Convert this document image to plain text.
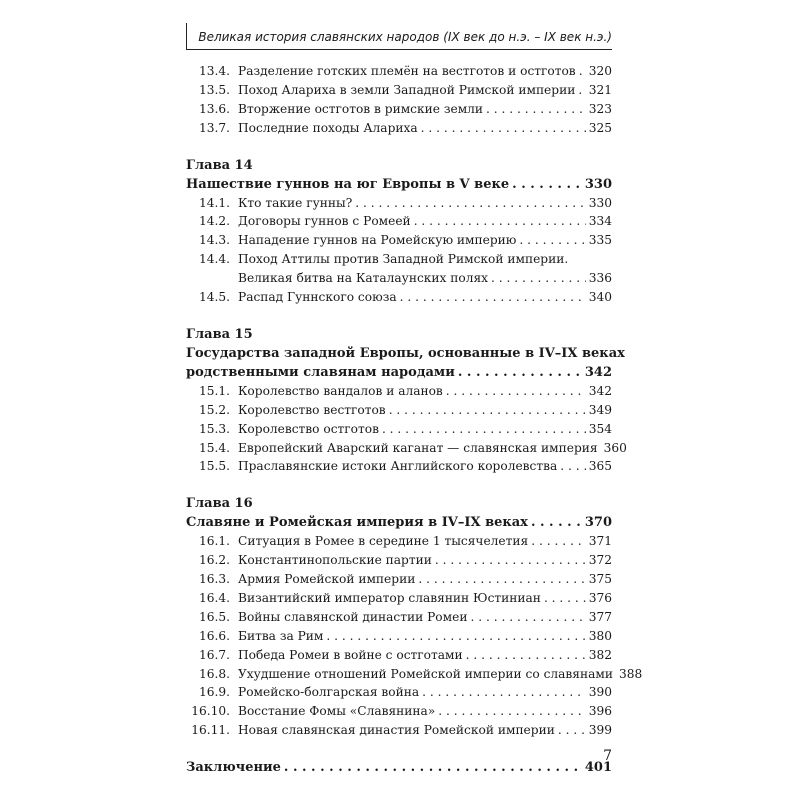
Великая история славянских народов (IX век до н.э. – IX век н.э.)
13.4. Разделение готских племён на вестготов и остготов . . . 320
13.5. Поход Алариха в земли Западной Римской империи . . . 321
13.6. Вторжение остготов в римские земли . . .	323
13.7. Последние походы Алариха . . .	325
Глава 14
Нашествие гуннов на юг Европы в V веке . . .	330
14.1. Кто такие гунны? . . .	330
14.2. Договоры гуннов с Ромеей . . .	334
14.3. Нападение гуннов на Ромейскую империю . . .	335
14.4. Поход Аттилы против Западной Римской империи.
Великая битва на Каталаунских полях . . .	336
14.5. Распад Гуннского союза . . .	340
Глава 15
Государства западной Европы, основанные в IV–IX веках
родственными славянам народами . . .	342
15.1. Королевство вандалов и аланов . . .	342
15.2. Королевство вестготов . . .	349
15.3. Королевство остготов . . .	354
15.4. Европейский Аварский каганат — славянская империя 360
15.5. Праславянские истоки Английского королевства . . .	365
Глава 16
Славяне и Ромейская империя в IV–IX веках . . .	370
16.1. Ситуация в Ромее в середине 1 тысячелетия . . .	371
16.2. Константинопольские партии . . .	372
16.3. Армия Ромейской империи . . .	375
16.4. Византийский император славянин Юстиниан . . .	376
16.5. Войны славянской династии Ромеи . . .	377
16.6. Битва за Рим . . .	380
16.7. Победа Ромеи в войне с остготами . . .	382
16.8. Ухудшение отношений Ромейской империи со славянами 388
16.9. Ромейско-болгарская война . . .	390
16.10. Восстание Фомы «Славянина» . . .	396
16.11. Новая славянская династия Ромейской империи . . .	399
Заключение . . .	401
7
